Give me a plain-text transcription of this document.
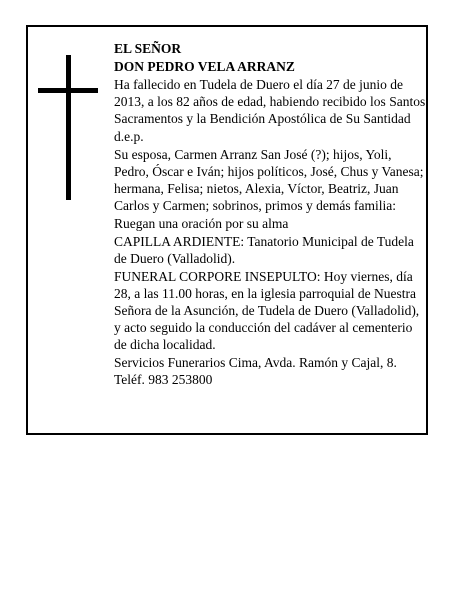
EL SEÑOR

DON PEDRO VELA ARRANZ

Ha fallecido en Tudela de Duero el día 27 de junio de 2013, a los 82 años de edad, habiendo recibido los Santos Sacramentos y la Bendición Apostólica de Su Santidad

d.e.p.

Su esposa, Carmen Arranz San José (?); hijos, Yoli, Pedro, Óscar e Iván; hijos políticos, José, Chus y Vanesa; hermana, Felisa; nietos, Alexia, Víctor, Beatriz, Juan Carlos y Carmen; sobrinos, primos y demás familia:

Ruegan una oración por su alma

CAPILLA ARDIENTE: Tanatorio Municipal de Tudela de Duero (Valladolid).

FUNERAL CORPORE INSEPULTO: Hoy viernes, día 28, a las 11.00 horas, en la iglesia parroquial de Nuestra Señora de la Asunción, de Tudela de Duero (Valladolid), y acto seguido la conducción del cadáver al cementerio de dicha localidad.

Servicios Funerarios Cima, Avda. Ramón y Cajal, 8. Teléf. 983 253800
